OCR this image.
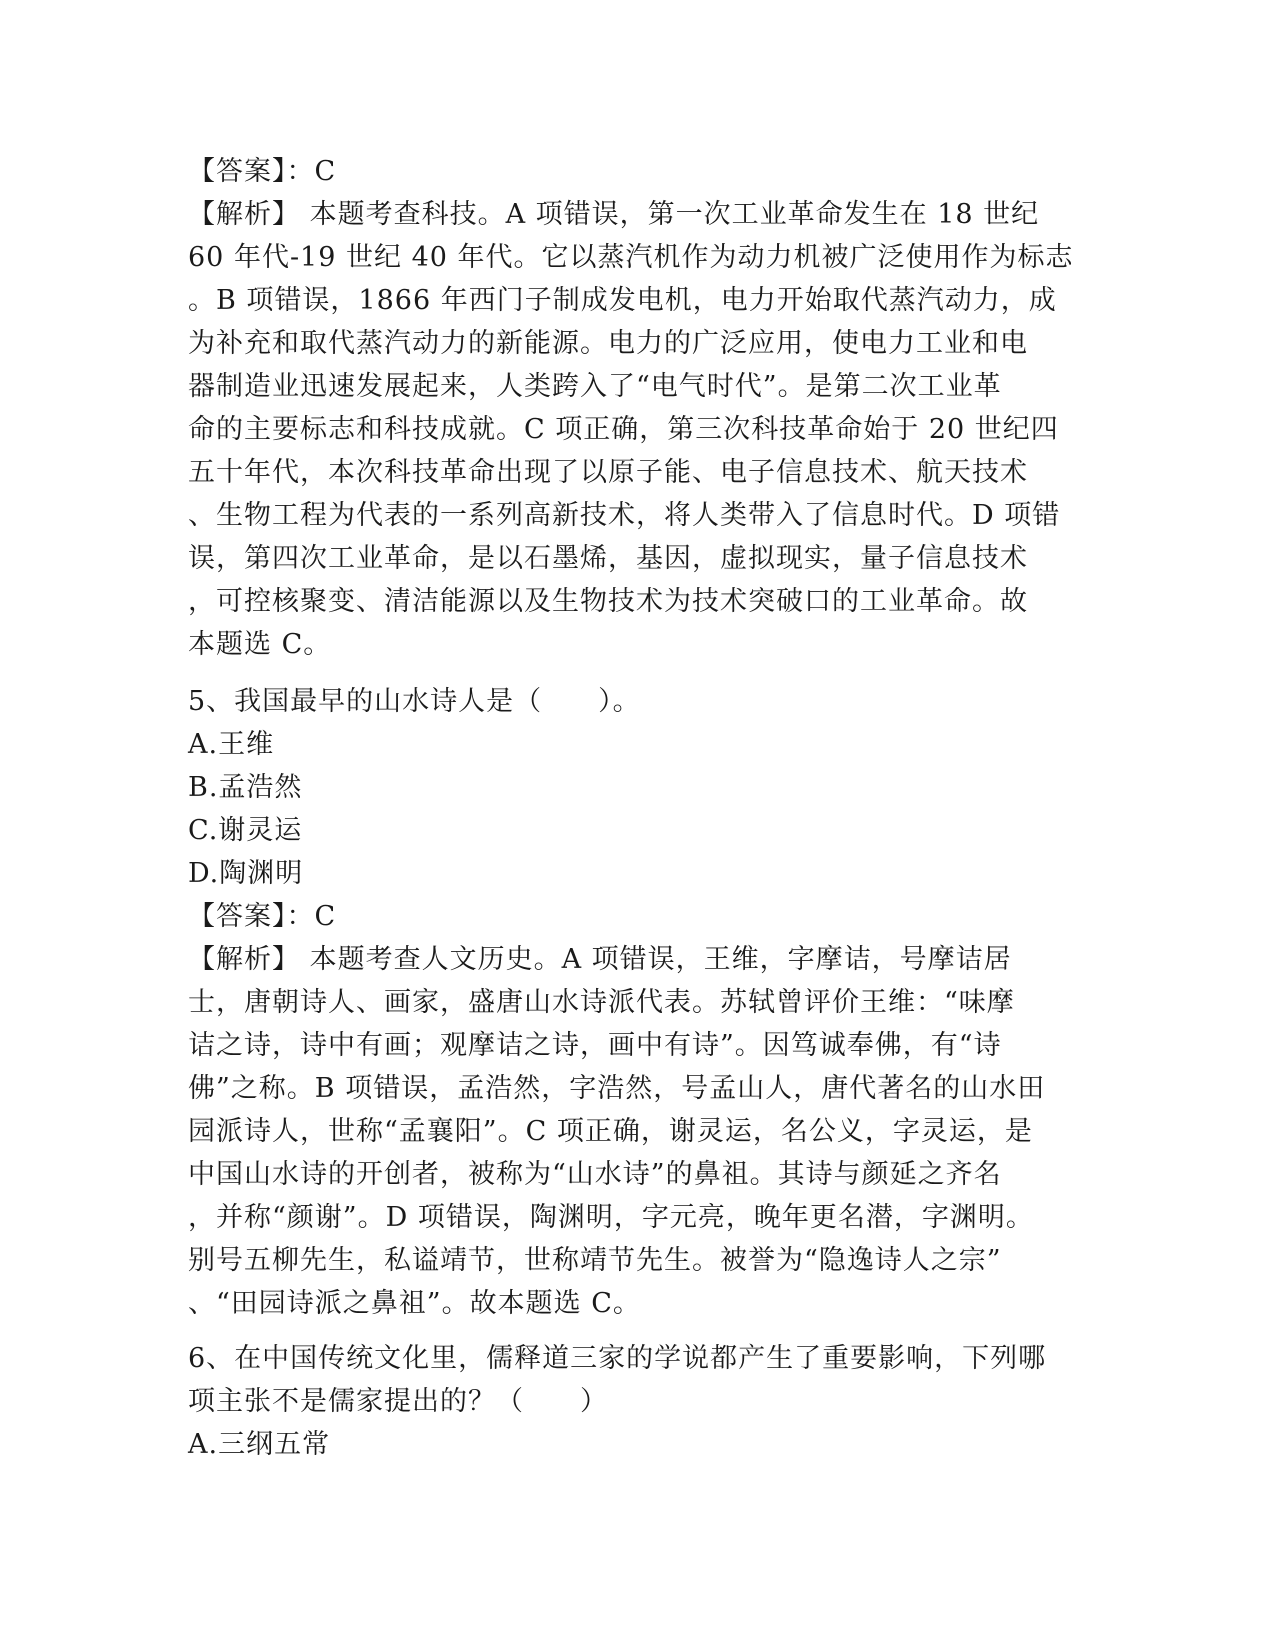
【答案】：C
【解析】 本题考查科技。A 项错误，第一次工业革命发生在 18 世纪
60 年代-19 世纪 40 年代。它以蒸汽机作为动力机被广泛使用作为标志
。B 项错误，1866 年西门子制成发电机，电力开始取代蒸汽动力，成
为补充和取代蒸汽动力的新能源。电力的广泛应用，使电力工业和电
器制造业迅速发展起来，人类跨入了“电气时代”。是第二次工业革
命的主要标志和科技成就。C 项正确，第三次科技革命始于 20 世纪四
五十年代，本次科技革命出现了以原子能、电子信息技术、航天技术
、生物工程为代表的一系列高新技术，将人类带入了信息时代。D 项错
误，第四次工业革命，是以石墨烯，基因，虚拟现实，量子信息技术
，可控核聚变、清洁能源以及生物技术为技术突破口的工业革命。故
本题选 C。
5、我国最早的山水诗人是（　　）。
A.王维
B.孟浩然
C.谢灵运
D.陶渊明
【答案】：C
【解析】 本题考查人文历史。A 项错误，王维，字摩诘，号摩诘居
士，唐朝诗人、画家，盛唐山水诗派代表。苏轼曾评价王维：“味摩
诘之诗，诗中有画；观摩诘之诗，画中有诗”。因笃诚奉佛，有“诗
佛”之称。B 项错误，孟浩然，字浩然，号孟山人，唐代著名的山水田
园派诗人，世称“孟襄阳”。C 项正确，谢灵运，名公义，字灵运，是
中国山水诗的开创者，被称为“山水诗”的鼻祖。其诗与颜延之齐名
，并称“颜谢”。D 项错误，陶渊明，字元亮，晚年更名潜，字渊明。
别号五柳先生，私谥靖节，世称靖节先生。被誉为“隐逸诗人之宗”
、“田园诗派之鼻祖”。故本题选 C。
6、在中国传统文化里，儒释道三家的学说都产生了重要影响，下列哪
项主张不是儒家提出的？（　　）
A.三纲五常
